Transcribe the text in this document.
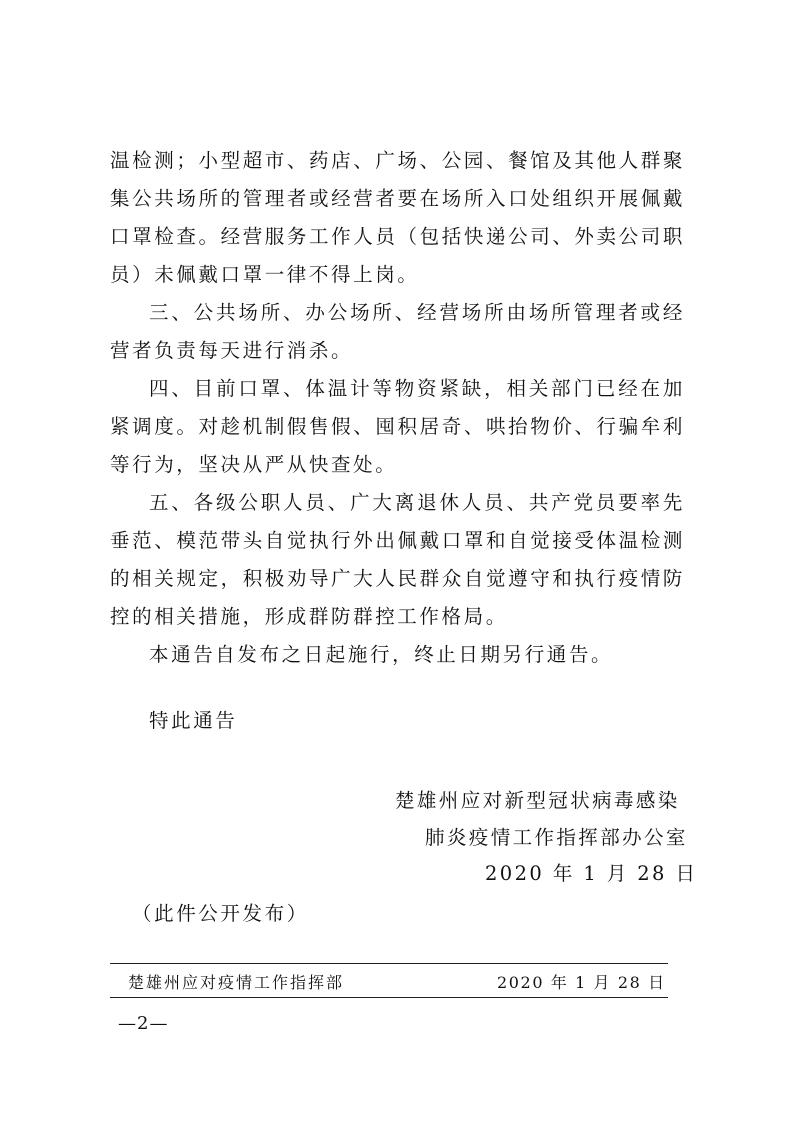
温检测；小型超市、药店、广场、公园、餐馆及其他人群聚集公共场所的管理者或经营者要在场所入口处组织开展佩戴口罩检查。经营服务工作人员（包括快递公司、外卖公司职员）未佩戴口罩一律不得上岗。

三、公共场所、办公场所、经营场所由场所管理者或经营者负责每天进行消杀。

四、目前口罩、体温计等物资紧缺，相关部门已经在加紧调度。对趁机制假售假、囤积居奇、哄抬物价、行骗牟利等行为，坚决从严从快查处。

五、各级公职人员、广大离退休人员、共产党员要率先垂范、模范带头自觉执行外出佩戴口罩和自觉接受体温检测的相关规定，积极劝导广大人民群众自觉遵守和执行疫情防控的相关措施，形成群防群控工作格局。

本通告自发布之日起施行，终止日期另行通告。

特此通告
楚雄州应对新型冠状病毒感染
肺炎疫情工作指挥部办公室
2020 年 1 月 28 日
（此件公开发布）
楚雄州应对疫情工作指挥部	2020 年 1 月 28 日
—2—
